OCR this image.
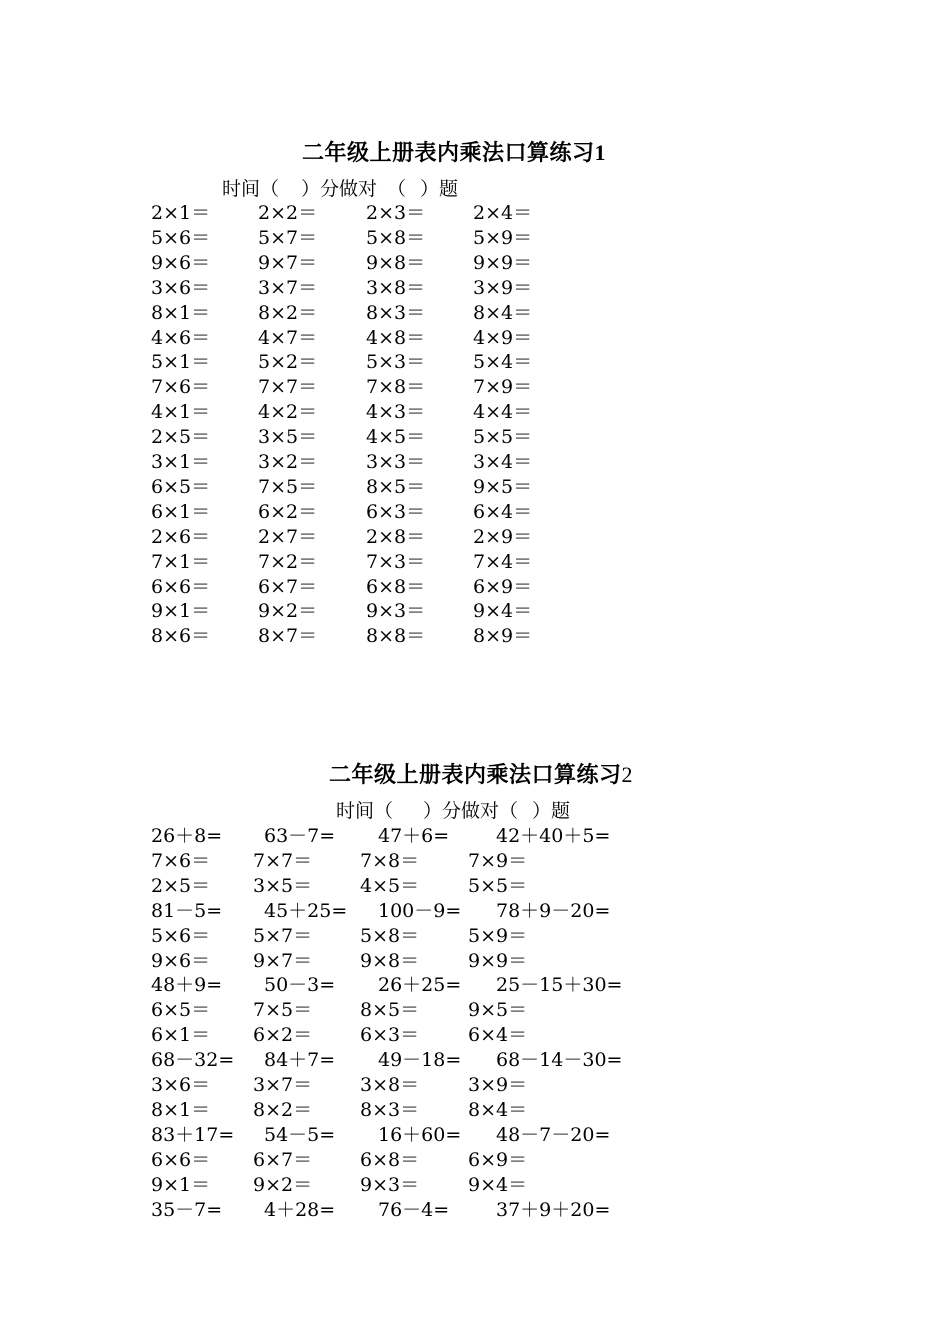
二年级上册表内乘法口算练习1
时间（ ）分做对 （ ）题
2×1＝	2×2＝	2×3＝	2×4＝
5×6＝	5×7＝	5×8＝	5×9＝
9×6＝	9×7＝	9×8＝	9×9＝
3×6＝	3×7＝	3×8＝	3×9＝
8×1＝	8×2＝	8×3＝	8×4＝
4×6＝	4×7＝	4×8＝	4×9＝
5×1＝	5×2＝	5×3＝	5×4＝
7×6＝	7×7＝	7×8＝	7×9＝
4×1＝	4×2＝	4×3＝	4×4＝
2×5＝	3×5＝	4×5＝	5×5＝
3×1＝	3×2＝	3×3＝	3×4＝
6×5＝	7×5＝	8×5＝	9×5＝
6×1＝	6×2＝	6×3＝	6×4＝
2×6＝	2×7＝	2×8＝	2×9＝
7×1＝	7×2＝	7×3＝	7×4＝
6×6＝	6×7＝	6×8＝	6×9＝
9×1＝	9×2＝	9×3＝	9×4＝
8×6＝	8×7＝	8×8＝	8×9＝
二年级上册表内乘法口算练习2
时间（ ）分做对（ ）题
26＋8= 63－7= 47＋6= 42＋40＋5=
7×6＝ 7×7＝	7×8＝	7×9＝
2×5＝ 3×5＝	4×5＝	5×5＝
81－5= 45＋25= 100－9= 78＋9－20=
5×6＝ 5×7＝	5×8＝	5×9＝
9×6＝ 9×7＝	9×8＝	9×9＝
48＋9= 50－3= 26＋25= 25－15＋30=
6×5＝ 7×5＝	8×5＝	9×5＝
6×1＝ 6×2＝	6×3＝	6×4＝
68－32= 84＋7= 49－18= 68－14－30=
3×6＝ 3×7＝	3×8＝	3×9＝
8×1＝ 8×2＝	8×3＝	8×4＝
83＋17= 54－5= 16＋60= 48－7－20=
6×6＝ 6×7＝	6×8＝	6×9＝
9×1＝ 9×2＝	9×3＝	9×4＝
35－7= 4＋28= 76－4= 37＋9＋20=
